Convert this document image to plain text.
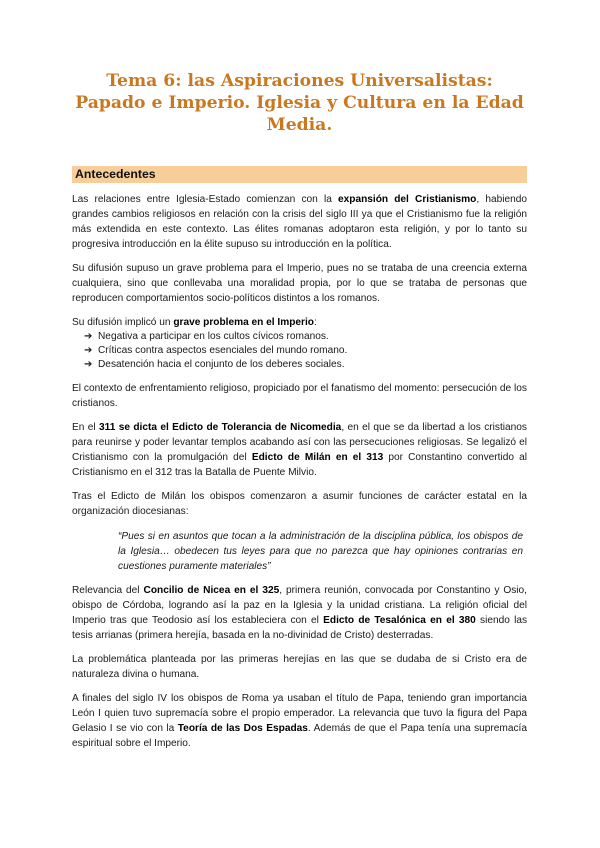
Tema 6: las Aspiraciones Universalistas: Papado e Imperio. Iglesia y Cultura en la Edad Media.
Antecedentes

Las relaciones entre Iglesia-Estado comienzan con la expansión del Cristianismo, habiendo grandes cambios religiosos en relación con la crisis del siglo III ya que el Cristianismo fue la religión más extendida en este contexto. Las élites romanas adoptaron esta religión, y por lo tanto su progresiva introducción en la élite supuso su introducción en la política.

Su difusión supuso un grave problema para el Imperio, pues no se trataba de una creencia externa cualquiera, sino que conllevaba una moralidad propia, por lo que se trataba de personas que reproducen comportamientos socio-políticos distintos a los romanos.

Su difusión implicó un grave problema en el Imperio:

➔ Negativa a participar en los cultos cívicos romanos.
➔ Críticas contra aspectos esenciales del mundo romano.
➔ Desatención hacia el conjunto de los deberes sociales.

El contexto de enfrentamiento religioso, propiciado por el fanatismo del momento: persecución de los cristianos.

En el 311 se dicta el Edicto de Tolerancia de Nicomedia, en el que se da libertad a los cristianos para reunirse y poder levantar templos acabando así con las persecuciones religiosas. Se legalizó el Cristianismo con la promulgación del Edicto de Milán en el 313 por Constantino convertido al Cristianismo en el 312 tras la Batalla de Puente Milvio.

Tras el Edicto de Milán los obispos comenzaron a asumir funciones de carácter estatal en la organización diocesianas:

“Pues si en asuntos que tocan a la administración de la disciplina pública, los obispos de la Iglesia… obedecen tus leyes para que no parezca que hay opiniones contrarias en cuestiones puramente materiales”

Relevancia del Concilio de Nicea en el 325, primera reunión, convocada por Constantino y Osio, obispo de Córdoba, logrando así la paz en la Iglesia y la unidad cristiana. La religión oficial del Imperio tras que Teodosio así los estableciera con el Edicto de Tesalónica en el 380 siendo las tesis arrianas (primera herejía, basada en la no-divinidad de Cristo) desterradas.

La problemática planteada por las primeras herejías en las que se dudaba de si Cristo era de naturaleza divina o humana.

A finales del siglo IV los obispos de Roma ya usaban el título de Papa, teniendo gran importancia León I quien tuvo supremacía sobre el propio emperador. La relevancia que tuvo la figura del Papa Gelasio I se vio con la Teoría de las Dos Espadas. Además de que el Papa tenía una supremacía espiritual sobre el Imperio.
